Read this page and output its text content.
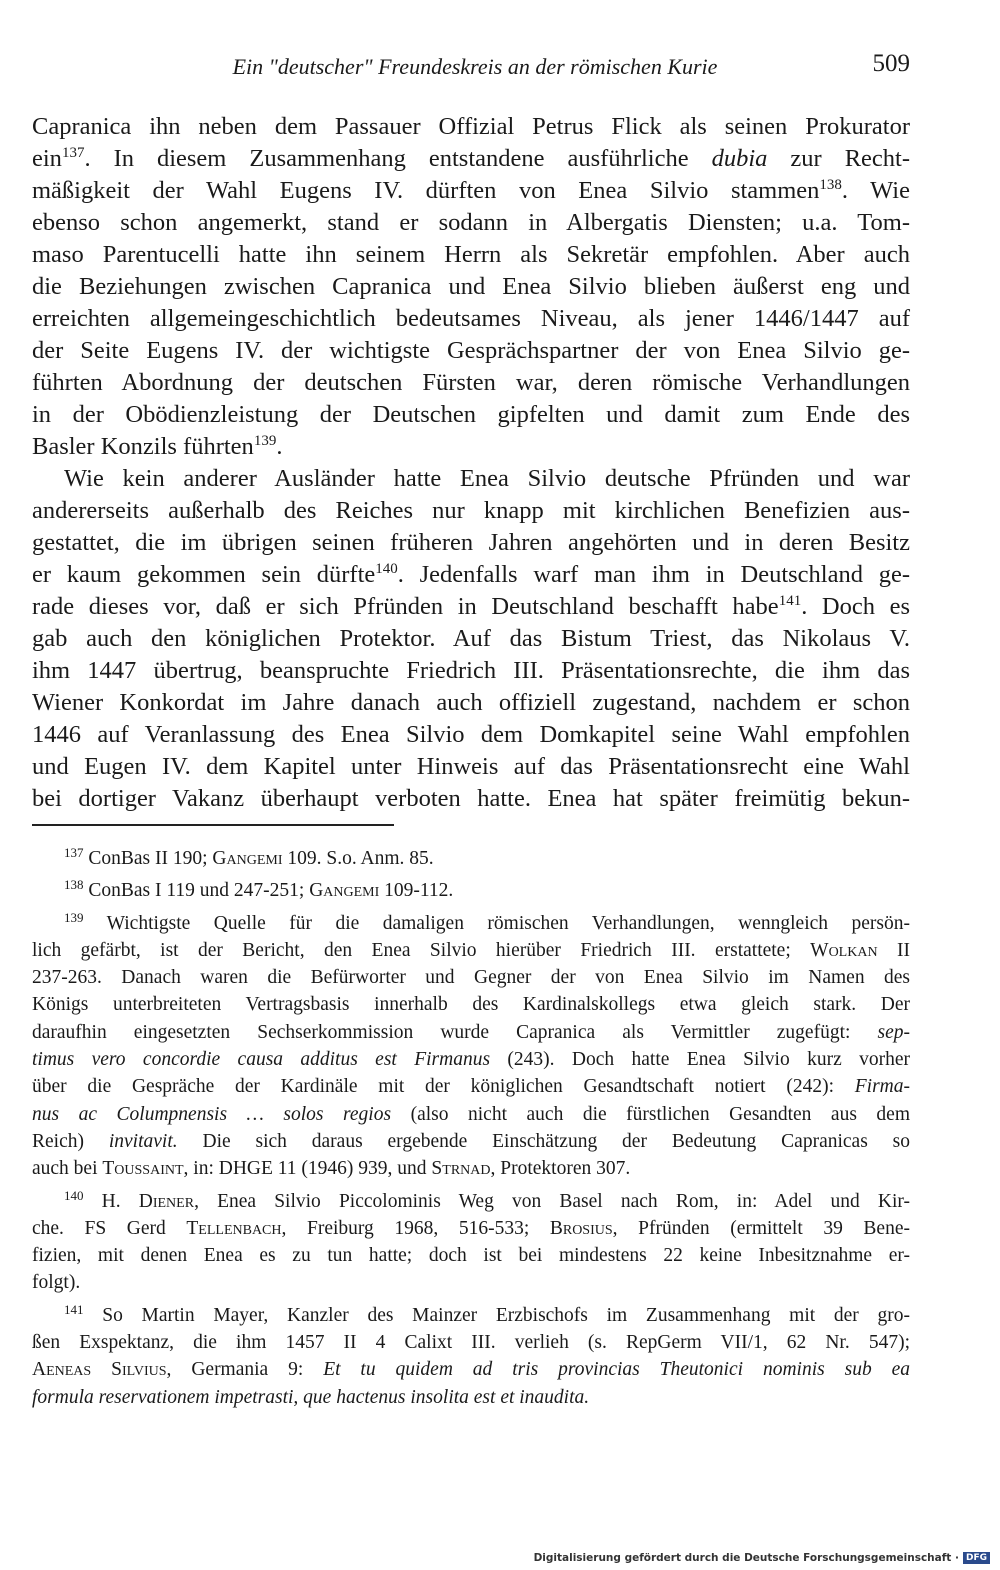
Ein "deutscher" Freundeskreis an der römischen Kurie	509
Capranica ihn neben dem Passauer Offizial Petrus Flick als seinen Prokurator
ein$^{137}$. In diesem Zusammenhang entstandene ausführliche dubia zur Recht-
mäßigkeit der Wahl Eugens IV. dürften von Enea Silvio stammen$^{138}$. Wie
ebenso schon angemerkt, stand er sodann in Albergatis Diensten; u.a. Tom-
maso Parentucelli hatte ihn seinem Herrn als Sekretär empfohlen. Aber auch
die Beziehungen zwischen Capranica und Enea Silvio blieben äußerst eng und
erreichten allgemeingeschichtlich bedeutsames Niveau, als jener 1446/1447 auf
der Seite Eugens IV. der wichtigste Gesprächspartner der von Enea Silvio ge-
führten Abordnung der deutschen Fürsten war, deren römische Verhandlungen
in der Obödienzleistung der Deutschen gipfelten und damit zum Ende des
Basler Konzils führten$^{139}$.
Wie kein anderer Ausländer hatte Enea Silvio deutsche Pfründen und war
andererseits außerhalb des Reiches nur knapp mit kirchlichen Benefizien aus-
gestattet, die im übrigen seinen früheren Jahren angehörten und in deren Besitz
er kaum gekommen sein dürfte$^{140}$. Jedenfalls warf man ihm in Deutschland ge-
rade dieses vor, daß er sich Pfründen in Deutschland beschafft habe$^{141}$. Doch es
gab auch den königlichen Protektor. Auf das Bistum Triest, das Nikolaus V.
ihm 1447 übertrug, beanspruchte Friedrich III. Präsentationsrechte, die ihm das
Wiener Konkordat im Jahre danach auch offiziell zugestand, nachdem er schon
1446 auf Veranlassung des Enea Silvio dem Domkapitel seine Wahl empfohlen
und Eugen IV. dem Kapitel unter Hinweis auf das Präsentationsrecht eine Wahl
bei dortiger Vakanz überhaupt verboten hatte. Enea hat später freimütig bekun-
$^{137}$ ConBas II 190; Gangemi 109. S.o. Anm. 85.
$^{138}$ ConBas I 119 und 247-251; Gangemi 109-112.
$^{139}$ Wichtigste Quelle für die damaligen römischen Verhandlungen, wenngleich persön-
lich gefärbt, ist der Bericht, den Enea Silvio hierüber Friedrich III. erstattete; Wolkan II
237-263. Danach waren die Befürworter und Gegner der von Enea Silvio im Namen des
Königs unterbreiteten Vertragsbasis innerhalb des Kardinalskollegs etwa gleich stark. Der
daraufhin eingesetzten Sechserkommission wurde Capranica als Vermittler zugefügt: sep-
timus vero concordie causa additus est Firmanus (243). Doch hatte Enea Silvio kurz vorher
über die Gespräche der Kardinäle mit der königlichen Gesandtschaft notiert (242): Firma-
nus ac Columpnensis … solos regios (also nicht auch die fürstlichen Gesandten aus dem
Reich) invitavit. Die sich daraus ergebende Einschätzung der Bedeutung Capranicas so
auch bei Toussaint, in: DHGE 11 (1946) 939, und Strnad, Protektoren 307.
$^{140}$ H. Diener, Enea Silvio Piccolominis Weg von Basel nach Rom, in: Adel und Kir-
che. FS Gerd Tellenbach, Freiburg 1968, 516-533; Brosius, Pfründen (ermittelt 39 Bene-
fizien, mit denen Enea es zu tun hatte; doch ist bei mindestens 22 keine Inbesitznahme er-
folgt).
$^{141}$ So Martin Mayer, Kanzler des Mainzer Erzbischofs im Zusammenhang mit der gro-
ßen Exspektanz, die ihm 1457 II 4 Calixt III. verlieh (s. RepGerm VII/1, 62 Nr. 547);
Aeneas Silvius, Germania 9: Et tu quidem ad tris provincias Theutonici nominis sub ea
formula reservationem impetrasti, que hactenus insolita est et inaudita.
Digitalisierung gefördert durch die Deutsche Forschungsgemeinschaft · DFG
